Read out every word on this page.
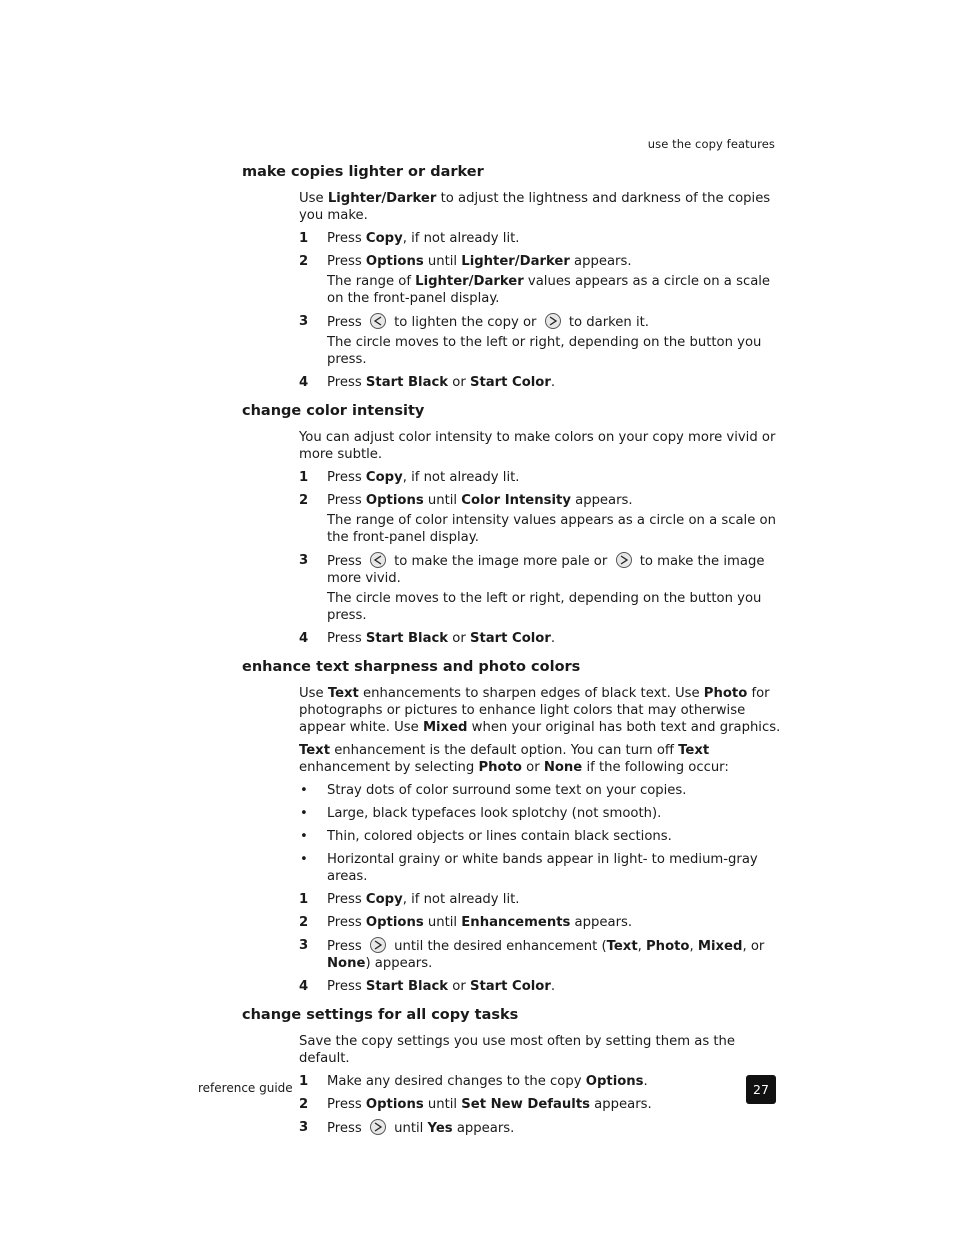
use the copy features
make copies lighter or darker
Use Lighter/Darker to adjust the lightness and darkness of the copies you make.
1 Press Copy, if not already lit.
2 Press Options until Lighter/Darker appears.
The range of Lighter/Darker values appears as a circle on a scale on the front-panel display.
3 Press
to lighten the copy or
to darken it.
The circle moves to the left or right, depending on the button you press.
4 Press Start Black or Start Color.
change color intensity
You can adjust color intensity to make colors on your copy more vivid or more subtle.
1 Press Copy, if not already lit.
2 Press Options until Color Intensity appears.
The range of color intensity values appears as a circle on a scale on the front-panel display.
3 Press
to make the image more pale or
to make the image more vivid.
The circle moves to the left or right, depending on the button you press.
4 Press Start Black or Start Color.
enhance text sharpness and photo colors
Use Text enhancements to sharpen edges of black text. Use Photo for photographs or pictures to enhance light colors that may otherwise appear white. Use Mixed when your original has both text and graphics.
Text enhancement is the default option. You can turn off Text enhancement by selecting Photo or None if the following occur:
• Stray dots of color surround some text on your copies.
• Large, black typefaces look splotchy (not smooth).
• Thin, colored objects or lines contain black sections.
• Horizontal grainy or white bands appear in light- to medium-gray areas.
1 Press Copy, if not already lit.
2 Press Options until Enhancements appears.
3 Press
until the desired enhancement (Text, Photo, Mixed, or None) appears.
4 Press Start Black or Start Color.
change settings for all copy tasks
Save the copy settings you use most often by setting them as the default.
1 Make any desired changes to the copy Options.
2 Press Options until Set New Defaults appears.
3 Press
until Yes appears.
reference guide	27
